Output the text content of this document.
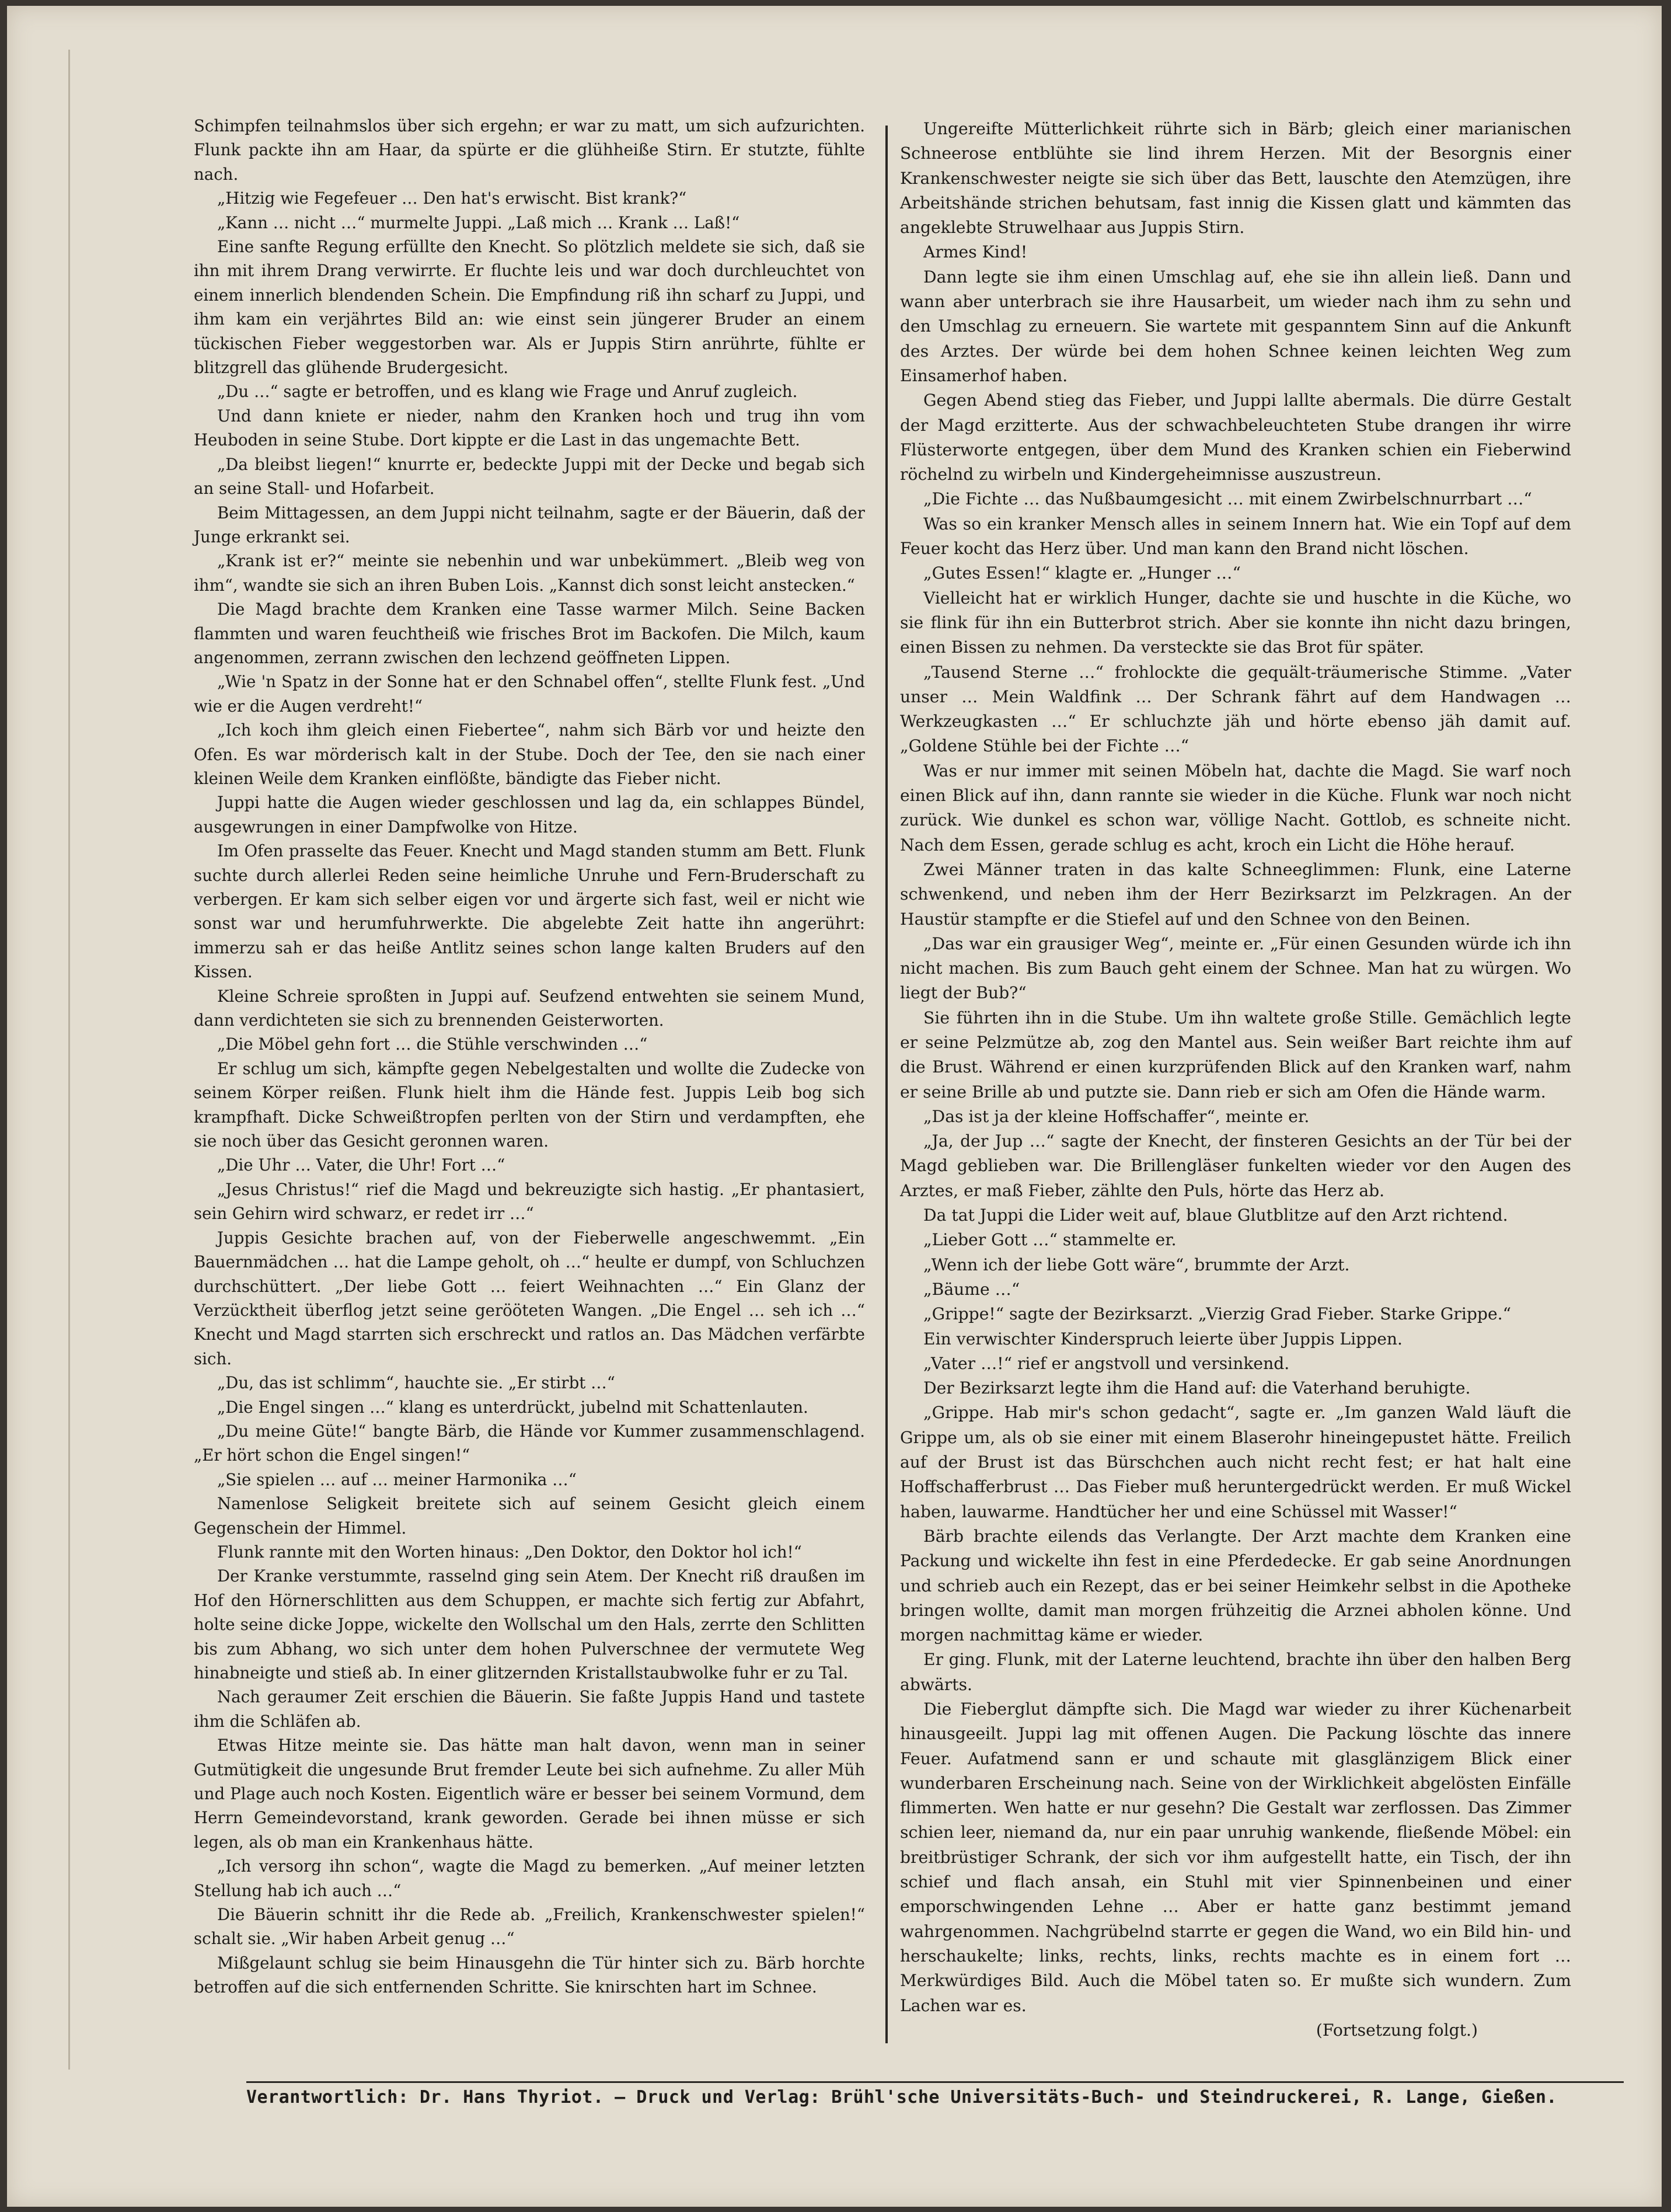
Schimpfen teilnahmslos über sich ergehn; er war zu matt, um sich aufzurichten. Flunk packte ihn am Haar, da spürte er die glühheiße Stirn. Er stutzte, fühlte nach.

„Hitzig wie Fegefeuer … Den hat's erwischt. Bist krank?“

„Kann … nicht …“ murmelte Juppi. „Laß mich … Krank … Laß!“

Eine sanfte Regung erfüllte den Knecht. So plötzlich meldete sie sich, daß sie ihn mit ihrem Drang verwirrte. Er fluchte leis und war doch durchleuchtet von einem innerlich blendenden Schein. Die Empfindung riß ihn scharf zu Juppi, und ihm kam ein verjährtes Bild an: wie einst sein jüngerer Bruder an einem tückischen Fieber weggestorben war. Als er Juppis Stirn anrührte, fühlte er blitzgrell das glühende Brudergesicht.

„Du …“ sagte er betroffen, und es klang wie Frage und Anruf zugleich.

Und dann kniete er nieder, nahm den Kranken hoch und trug ihn vom Heuboden in seine Stube. Dort kippte er die Last in das ungemachte Bett.

„Da bleibst liegen!“ knurrte er, bedeckte Juppi mit der Decke und begab sich an seine Stall- und Hofarbeit.

Beim Mittagessen, an dem Juppi nicht teilnahm, sagte er der Bäuerin, daß der Junge erkrankt sei.

„Krank ist er?“ meinte sie nebenhin und war unbekümmert. „Bleib weg von ihm“, wandte sie sich an ihren Buben Lois. „Kannst dich sonst leicht anstecken.“

Die Magd brachte dem Kranken eine Tasse warmer Milch. Seine Backen flammten und waren feuchtheiß wie frisches Brot im Backofen. Die Milch, kaum angenommen, zerrann zwischen den lechzend geöffneten Lippen.

„Wie 'n Spatz in der Sonne hat er den Schnabel offen“, stellte Flunk fest. „Und wie er die Augen verdreht!“

„Ich koch ihm gleich einen Fiebertee“, nahm sich Bärb vor und heizte den Ofen. Es war mörderisch kalt in der Stube. Doch der Tee, den sie nach einer kleinen Weile dem Kranken einflößte, bändigte das Fieber nicht.

Juppi hatte die Augen wieder geschlossen und lag da, ein schlappes Bündel, ausgewrungen in einer Dampfwolke von Hitze.

Im Ofen prasselte das Feuer. Knecht und Magd standen stumm am Bett. Flunk suchte durch allerlei Reden seine heimliche Unruhe und Fern-Bruderschaft zu verbergen. Er kam sich selber eigen vor und ärgerte sich fast, weil er nicht wie sonst war und herumfuhrwerkte. Die abgelebte Zeit hatte ihn angerührt: immerzu sah er das heiße Antlitz seines schon lange kalten Bruders auf den Kissen.

Kleine Schreie sproßten in Juppi auf. Seufzend entwehten sie seinem Mund, dann verdichteten sie sich zu brennenden Geisterworten.

„Die Möbel gehn fort … die Stühle verschwinden …“

Er schlug um sich, kämpfte gegen Nebelgestalten und wollte die Zudecke von seinem Körper reißen. Flunk hielt ihm die Hände fest. Juppis Leib bog sich krampfhaft. Dicke Schweißtropfen perlten von der Stirn und verdampften, ehe sie noch über das Gesicht geronnen waren.

„Die Uhr … Vater, die Uhr! Fort …“

„Jesus Christus!“ rief die Magd und bekreuzigte sich hastig. „Er phantasiert, sein Gehirn wird schwarz, er redet irr …“

Juppis Gesichte brachen auf, von der Fieberwelle angeschwemmt. „Ein Bauernmädchen … hat die Lampe geholt, oh …“ heulte er dumpf, von Schluchzen durchschüttert. „Der liebe Gott … feiert Weihnachten …“ Ein Glanz der Verzücktheit überflog jetzt seine gerööteten Wangen. „Die Engel … seh ich …“ Knecht und Magd starrten sich erschreckt und ratlos an. Das Mädchen verfärbte sich.

„Du, das ist schlimm“, hauchte sie. „Er stirbt …“

„Die Engel singen …“ klang es unterdrückt, jubelnd mit Schattenlauten.

„Du meine Güte!“ bangte Bärb, die Hände vor Kummer zusammenschlagend. „Er hört schon die Engel singen!“

„Sie spielen … auf … meiner Harmonika …“

Namenlose Seligkeit breitete sich auf seinem Gesicht gleich einem Gegenschein der Himmel.

Flunk rannte mit den Worten hinaus: „Den Doktor, den Doktor hol ich!“

Der Kranke verstummte, rasselnd ging sein Atem. Der Knecht riß draußen im Hof den Hörnerschlitten aus dem Schuppen, er machte sich fertig zur Abfahrt, holte seine dicke Joppe, wickelte den Wollschal um den Hals, zerrte den Schlitten bis zum Abhang, wo sich unter dem hohen Pulverschnee der vermutete Weg hinabneigte und stieß ab. In einer glitzernden Kristallstaubwolke fuhr er zu Tal.

Nach geraumer Zeit erschien die Bäuerin. Sie faßte Juppis Hand und tastete ihm die Schläfen ab.

Etwas Hitze meinte sie. Das hätte man halt davon, wenn man in seiner Gutmütigkeit die ungesunde Brut fremder Leute bei sich aufnehme. Zu aller Müh und Plage auch noch Kosten. Eigentlich wäre er besser bei seinem Vormund, dem Herrn Gemeindevorstand, krank geworden. Gerade bei ihnen müsse er sich legen, als ob man ein Krankenhaus hätte.

„Ich versorg ihn schon“, wagte die Magd zu bemerken. „Auf meiner letzten Stellung hab ich auch …“

Die Bäuerin schnitt ihr die Rede ab. „Freilich, Krankenschwester spielen!“ schalt sie. „Wir haben Arbeit genug …“

Mißgelaunt schlug sie beim Hinausgehn die Tür hinter sich zu. Bärb horchte betroffen auf die sich entfernenden Schritte. Sie knirschten hart im Schnee.

Ungereifte Mütterlichkeit rührte sich in Bärb; gleich einer marianischen Schneerose entblühte sie lind ihrem Herzen. Mit der Besorgnis einer Krankenschwester neigte sie sich über das Bett, lauschte den Atemzügen, ihre Arbeitshände strichen behutsam, fast innig die Kissen glatt und kämmten das angeklebte Struwelhaar aus Juppis Stirn.

Armes Kind!

Dann legte sie ihm einen Umschlag auf, ehe sie ihn allein ließ. Dann und wann aber unterbrach sie ihre Hausarbeit, um wieder nach ihm zu sehn und den Umschlag zu erneuern. Sie wartete mit gespanntem Sinn auf die Ankunft des Arztes. Der würde bei dem hohen Schnee keinen leichten Weg zum Einsamerhof haben.

Gegen Abend stieg das Fieber, und Juppi lallte abermals. Die dürre Gestalt der Magd erzitterte. Aus der schwachbeleuchteten Stube drangen ihr wirre Flüsterworte entgegen, über dem Mund des Kranken schien ein Fieberwind röchelnd zu wirbeln und Kindergeheimnisse auszustreun.

„Die Fichte … das Nußbaumgesicht … mit einem Zwirbelschnurrbart …“

Was so ein kranker Mensch alles in seinem Innern hat. Wie ein Topf auf dem Feuer kocht das Herz über. Und man kann den Brand nicht löschen.

„Gutes Essen!“ klagte er. „Hunger …“

Vielleicht hat er wirklich Hunger, dachte sie und huschte in die Küche, wo sie flink für ihn ein Butterbrot strich. Aber sie konnte ihn nicht dazu bringen, einen Bissen zu nehmen. Da versteckte sie das Brot für später.

„Tausend Sterne …“ frohlockte die gequält-träumerische Stimme. „Vater unser … Mein Waldfink … Der Schrank fährt auf dem Handwagen … Werkzeugkasten …“ Er schluchzte jäh und hörte ebenso jäh damit auf. „Goldene Stühle bei der Fichte …“

Was er nur immer mit seinen Möbeln hat, dachte die Magd. Sie warf noch einen Blick auf ihn, dann rannte sie wieder in die Küche. Flunk war noch nicht zurück. Wie dunkel es schon war, völlige Nacht. Gottlob, es schneite nicht. Nach dem Essen, gerade schlug es acht, kroch ein Licht die Höhe herauf.

Zwei Männer traten in das kalte Schneeglimmen: Flunk, eine Laterne schwenkend, und neben ihm der Herr Bezirksarzt im Pelzkragen. An der Haustür stampfte er die Stiefel auf und den Schnee von den Beinen.

„Das war ein grausiger Weg“, meinte er. „Für einen Gesunden würde ich ihn nicht machen. Bis zum Bauch geht einem der Schnee. Man hat zu würgen. Wo liegt der Bub?“

Sie führten ihn in die Stube. Um ihn waltete große Stille. Gemächlich legte er seine Pelzmütze ab, zog den Mantel aus. Sein weißer Bart reichte ihm auf die Brust. Während er einen kurzprüfenden Blick auf den Kranken warf, nahm er seine Brille ab und putzte sie. Dann rieb er sich am Ofen die Hände warm.

„Das ist ja der kleine Hoffschaffer“, meinte er.

„Ja, der Jup …“ sagte der Knecht, der finsteren Gesichts an der Tür bei der Magd geblieben war. Die Brillengläser funkelten wieder vor den Augen des Arztes, er maß Fieber, zählte den Puls, hörte das Herz ab.

Da tat Juppi die Lider weit auf, blaue Glutblitze auf den Arzt richtend.

„Lieber Gott …“ stammelte er.

„Wenn ich der liebe Gott wäre“, brummte der Arzt.

„Bäume …“

„Grippe!“ sagte der Bezirksarzt. „Vierzig Grad Fieber. Starke Grippe.“

Ein verwischter Kinderspruch leierte über Juppis Lippen.

„Vater …!“ rief er angstvoll und versinkend.

Der Bezirksarzt legte ihm die Hand auf: die Vaterhand beruhigte.

„Grippe. Hab mir's schon gedacht“, sagte er. „Im ganzen Wald läuft die Grippe um, als ob sie einer mit einem Blaserohr hineingepustet hätte. Freilich auf der Brust ist das Bürschchen auch nicht recht fest; er hat halt eine Hoffschafferbrust … Das Fieber muß heruntergedrückt werden. Er muß Wickel haben, lauwarme. Handtücher her und eine Schüssel mit Wasser!“

Bärb brachte eilends das Verlangte. Der Arzt machte dem Kranken eine Packung und wickelte ihn fest in eine Pferdedecke. Er gab seine Anordnungen und schrieb auch ein Rezept, das er bei seiner Heimkehr selbst in die Apotheke bringen wollte, damit man morgen frühzeitig die Arznei abholen könne. Und morgen nachmittag käme er wieder.

Er ging. Flunk, mit der Laterne leuchtend, brachte ihn über den halben Berg abwärts.

Die Fieberglut dämpfte sich. Die Magd war wieder zu ihrer Küchenarbeit hinausgeeilt. Juppi lag mit offenen Augen. Die Packung löschte das innere Feuer. Aufatmend sann er und schaute mit glasglänzigem Blick einer wunderbaren Erscheinung nach. Seine von der Wirklichkeit abgelösten Einfälle flimmerten. Wen hatte er nur gesehn? Die Gestalt war zerflossen. Das Zimmer schien leer, niemand da, nur ein paar unruhig wankende, fließende Möbel: ein breitbrüstiger Schrank, der sich vor ihm aufgestellt hatte, ein Tisch, der ihn schief und flach ansah, ein Stuhl mit vier Spinnenbeinen und einer emporschwingenden Lehne … Aber er hatte ganz bestimmt jemand wahrgenommen. Nachgrübelnd starrte er gegen die Wand, wo ein Bild hin- und herschaukelte; links, rechts, links, rechts machte es in einem fort … Merkwürdiges Bild. Auch die Möbel taten so. Er mußte sich wundern. Zum Lachen war es.

(Fortsetzung folgt.)

Verantwortlich: Dr. Hans Thyriot. — Druck und Verlag: Brühl'sche Universitäts-Buch- und Steindruckerei, R. Lange, Gießen.
